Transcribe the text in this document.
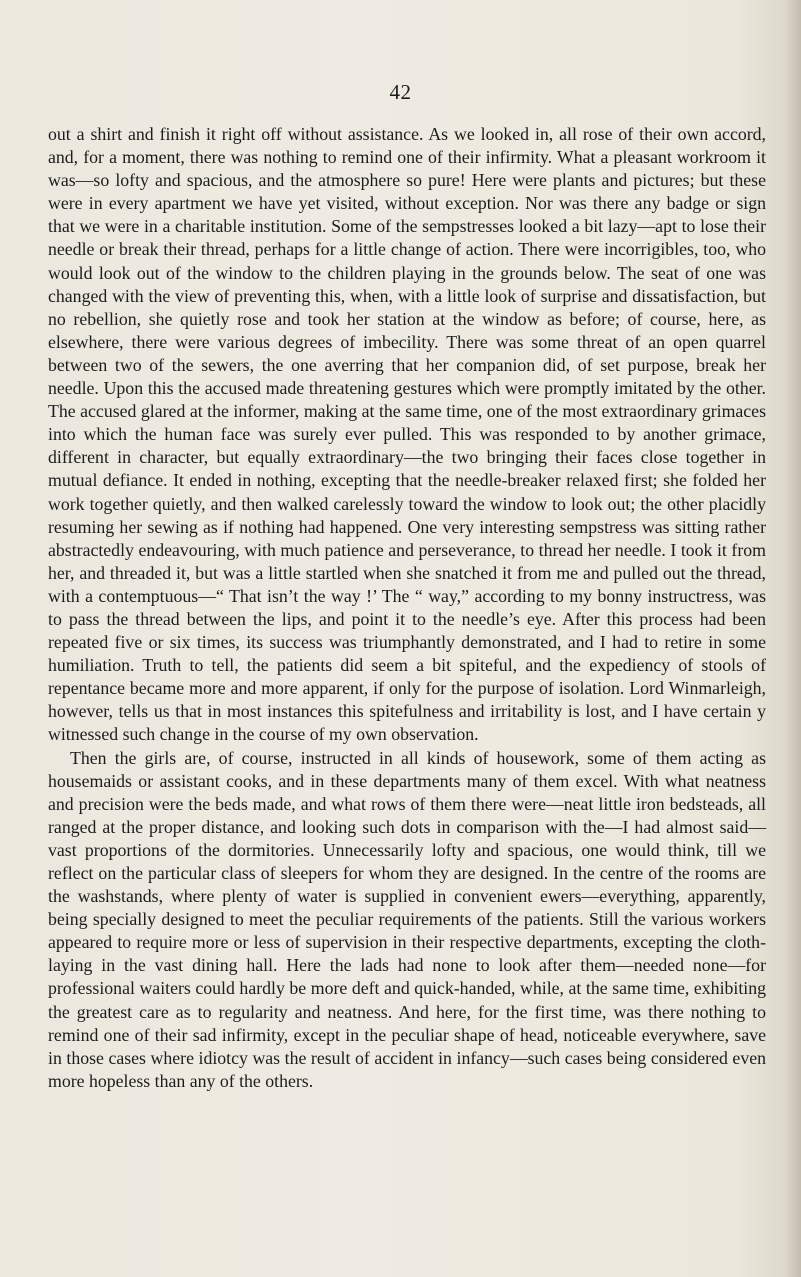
42

out a shirt and finish it right off without assistance. As we looked in, all rose of their own accord, and, for a moment, there was nothing to remind one of their infirmity. What a pleasant workroom it was—so lofty and spacious, and the atmosphere so pure! Here were plants and pictures; but these were in every apartment we have yet visited, without exception. Nor was there any badge or sign that we were in a charitable institution. Some of the sempstresses looked a bit lazy—apt to lose their needle or break their thread, perhaps for a little change of action. There were incorrigibles, too, who would look out of the window to the children playing in the grounds below. The seat of one was changed with the view of preventing this, when, with a little look of surprise and dissatisfaction, but no rebellion, she quietly rose and took her station at the window as before; of course, here, as elsewhere, there were various degrees of imbecility. There was some threat of an open quarrel between two of the sewers, the one averring that her companion did, of set purpose, break her needle. Upon this the accused made threatening gestures which were promptly imitated by the other. The accused glared at the informer, making at the same time, one of the most extraordinary grimaces into which the human face was surely ever pulled. This was responded to by another grimace, different in character, but equally extraordinary—the two bringing their faces close together in mutual defiance. It ended in nothing, excepting that the needle-breaker relaxed first; she folded her work together quietly, and then walked carelessly toward the window to look out; the other placidly resuming her sewing as if nothing had happened. One very interesting sempstress was sitting rather abstractedly endeavouring, with much patience and perseverance, to thread her needle. I took it from her, and threaded it, but was a little startled when she snatched it from me and pulled out the thread, with a contemptuous—“ That isn’t the way !’ The “ way,” according to my bonny instructress, was to pass the thread between the lips, and point it to the needle’s eye. After this process had been repeated five or six times, its success was triumphantly demonstrated, and I had to retire in some humiliation. Truth to tell, the patients did seem a bit spiteful, and the expediency of stools of repentance became more and more apparent, if only for the purpose of isolation. Lord Winmarleigh, however, tells us that in most instances this spitefulness and irritability is lost, and I have certain y witnessed such change in the course of my own observation.

Then the girls are, of course, instructed in all kinds of housework, some of them acting as housemaids or assistant cooks, and in these departments many of them excel. With what neatness and precision were the beds made, and what rows of them there were—neat little iron bedsteads, all ranged at the proper distance, and looking such dots in comparison with the—I had almost said—vast proportions of the dormitories. Unnecessarily lofty and spacious, one would think, till we reflect on the particular class of sleepers for whom they are designed. In the centre of the rooms are the washstands, where plenty of water is supplied in convenient ewers—everything, apparently, being specially designed to meet the peculiar requirements of the patients. Still the various workers appeared to require more or less of supervision in their respective departments, excepting the cloth-laying in the vast dining hall. Here the lads had none to look after them—needed none—for professional waiters could hardly be more deft and quick-handed, while, at the same time, exhibiting the greatest care as to regularity and neatness. And here, for the first time, was there nothing to remind one of their sad infirmity, except in the peculiar shape of head, noticeable everywhere, save in those cases where idiotcy was the result of accident in infancy—such cases being considered even more hopeless than any of the others.
